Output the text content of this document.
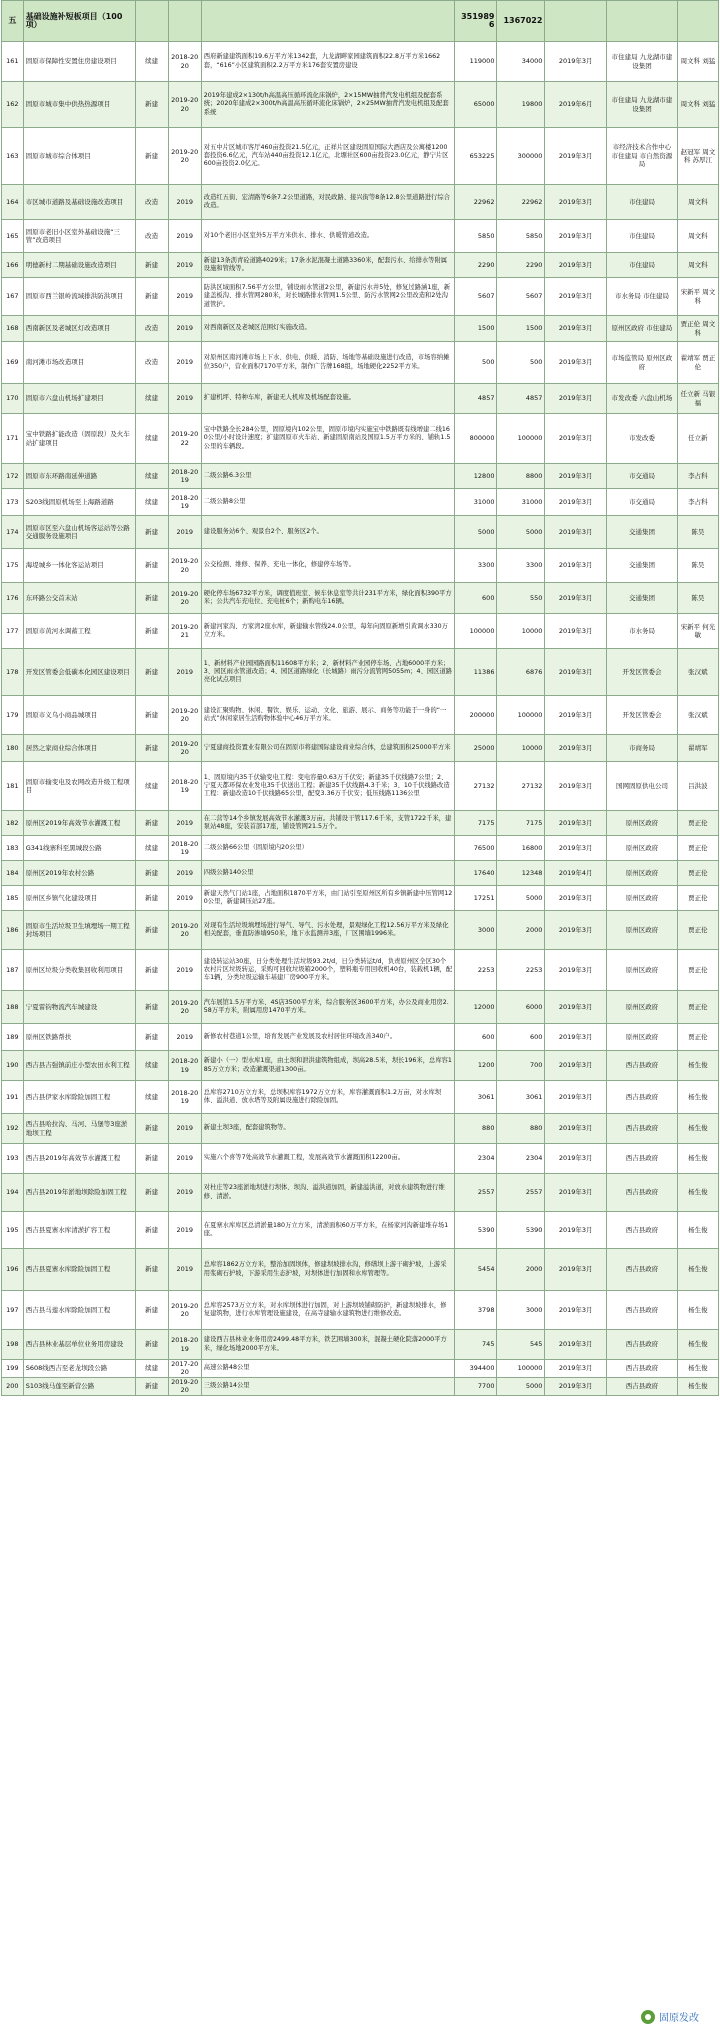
五	基础设施补短板项目（100项）				3519896	1367022			
161	固原市保障性安置住房建设项目	续建	2018-2020	西府新建建筑面积19.6万平方米1342套，九龙湖畔家园建筑面积22.8万平方米1662套，“616”小区建筑面积2.2万平方米176套安置房建设	119000	34000	2019年3月	市住建局 九龙湖市建设集团	周文科 刘猛
162	固原市城市集中供热热源项目	新建	2019-2020	2019年建成2×130t/h高温高压循环流化床锅炉，2×15MW抽背汽发电机组及配套系统；2020年建成2×300t/h高温高压循环流化床锅炉，2×25MW抽背汽发电机组及配套系统	65000	19800	2019年6月	市住建局 九龙湖市建设集团	周文科 刘猛
163	固原市城市综合体项目	新建	2019-2020	对五中片区城市客厅460亩投资21.5亿元，正祥片区建设固原国际大酒店及公寓楼1200套投资6.6亿元，汽车站440亩投资12.1亿元，北塬社区600亩投资23.0亿元，静宁片区600亩投资2.0亿元。	653225	300000	2019年3月	市经济技术合作中心 市住建局 市自然资源局	赵冠军 周文科 苏厚江
164	市区城市道路及基础设施改造项目	改造	2019	改造红五街、宏清路等6条7.2公里道路，对民政路、接兴街等8条12.8公里道路进行综合改造。	22962	22962	2019年3月	市住建局	周文科
165	固原市老旧小区室外基础设施“三管”改造项目	改造	2019	对10个老旧小区室外5万平方米供水、排水、供暖管道改造。	5850	5850	2019年3月	市住建局	周文科
166	明德新村二期基础设施改造项目	新建	2019	新建13条沥青砼道路4029米；17条水泥混凝土道路3360米，配套污水、给排水等附属设施和管线等。	2290	2290	2019年3月	市住建局	周文科
167	固原市西兰银岭流域排洪防洪项目	新建	2019	防洪区域面积7.56平方公里，铺设雨水管道2公里，新建污水井5处，修复过路涵1座，新建盖板沟、排水管网280米，对长城路排水管网1.5公里、防污水管网2公里改造和2处沟道管护。	5607	5607	2019年3月	市水务局 市住建局	宋新平 周文科
168	西南新区及老城区灯改造项目	改造	2019	对西南新区及老城区范围灯实施改造。	1500	1500	2019年3月	原州区政府 市住建局	贾正伦 周文科
169	南河滩市场改造项目	改造	2019	对原州区南河滩市场上下水、供电、供暖、消防、场地等基础设施进行改造，市场容纳摊位350户，营业面积7170平方米，制作广告牌168组，场地硬化2252平方米。	500	500	2019年3月	市场监管局 原州区政府	翟靖军 贾正伦
170	固原市六盘山机场扩建项目	续建	2019	扩建机坪、特种车库，新建无人机库及机场配套设施。	4857	4857	2019年3月	市发改委 六盘山机场	任立新 马银福
171	宝中铁路扩能改造（固原段）及火车站扩建项目	续建	2019-2022	宝中铁路全长284公里，固原境内102公里，固原市境内实施宝中铁路既有线增建二线160公里/小时设计速度；扩建固原市火车站、新建固原南站及国原1.5万平方米的、铺轨1.5公里的车辆段。	800000	100000	2019年3月	市发改委	任立新
172	固原市东环路南延伸道路	续建	2018-2019	二级公路6.3公里	12800	8800	2019年3月	市交通局	李占科
173	S203线固原机场至上海路道路	续建	2018-2019	二级公路8公里	31000	31000	2019年3月	市交通局	李占科
174	固原市区至六盘山机场客运站等公路交通服务设施项目	新建	2019	建设服务站6个、观景台2个、服务区2个。	5000	5000	2019年3月	交通集团	陈昊
175	海堤城乡一体化客运站项目	新建	2019-2020	公交检测、维修、保养、充电一体化，修建停车场等。	3300	3300	2019年3月	交通集团	陈昊
176	东环路公交首末站	新建	2019-2020	硬化停车场6732平方米，调度值班室、候车休息室等共计231平方米，绿化面积390平方米；公共汽车充电位、充电桩6个；新购电车16辆。	600	550	2019年3月	交通集团	陈昊
177	固原市黄河水调蓄工程	新建	2019-2021	新建河家沟、方家湾2座水库，新建输水管线24.0公里，每年向固原新增引黄调水330万立方米。	100000	10000	2019年3月	市水务局	宋新平 何光敏
178	开发区管委会低碳本化园区建设项目	新建	2019	1、新材料产业园园路面积11608平方米；2、新材料产业园停车场、占地6000平方米；3、园区雨水管道改造；4、园区道路绿化（长城路）雨污分流管网5055m；4、园区道路亮化试点项目	11386	6876	2019年3月	开发区管委会	张汉斌
179	固原市义乌小商品城项目	新建	2019-2020	建设汇聚购物、休闲、餐饮、娱乐、运动、文化、旅游、展示、商务等功能于一身的“一站式”休闲家居生活购物体验中心46万平方米。	200000	100000	2019年3月	开发区管委会	张汉斌
180	居然之家商业综合体项目	新建	2019-2020	宁夏建商投资置业有限公司在固原市将建国际建设商业综合体，总建筑面积25000平方米	25000	10000	2019年3月	市商务局	翟靖军
181	固原市输变电及农网改造升级工程项目	续建	2018-2019	1、固原境内35千伏输变电工程：变电容量0.63万千伏安；新建35千伏线路7公里；2、宁夏天都环保农业发电35千伏送出工程；新建35千伏线路4.3千米；3、10千伏线路改造工程：新建改造10千伏线路65公里，配变3.36万千伏安；低压线路1136公里	27132	27132	2019年3月	国网固原供电公司	吕洪波
182	原州区2019年高效节水灌溉工程	新建	2019	在二营等14个乡镇发展高效节水灌溉3万亩。共铺设干管117.6千米，支管1722千米，建泵站48座，安装首部17座，铺设管网21.5万个。	7175	7175	2019年3月	原州区政府	贾正伦
183	G341线寨科至黑城段公路	续建	2018-2019	二级公路66公里（固原境内20公里）	76500	16800	2019年3月	原州区政府	贾正伦
184	原州区2019年农村公路	新建	2019	四级公路140公里	17640	12348	2019年4月	原州区政府	贾正伦
185	原州区乡镇气化建设项目	新建	2019	新建天然气门站1座，占地面积1870平方米，由门站引至原州区所有乡镇新建中压管网120公里，新建调压站27座。	17251	5000	2019年3月	原州区政府	贾正伦
186	固原市生活垃圾卫生填埋场一期工程封场项目	新建	2019-2020	对现有生活垃圾填埋场进行导气、导气、污水处理，景观绿化工程12.56万平方米及绿化相关配套，垂直防渗墙950米，地下水监测井3座，厂区围墙1996米。	3000	2000	2019年3月	原州区政府	贾正伦
187	原州区垃圾分类收集回收利用项目	新建	2019	建设转运站30座，日分类处理生活垃圾93.2t/d，日分类转运t/d，负责原州区全区30个农村片区垃圾转运，采购可回收垃圾箱2000个，塑料瓶专用回收机40台，装载机1辆，配车1辆，分类垃圾运输车基建厂房900平方米。	2253	2253	2019年3月	原州区政府	贾正伦
188	宁夏雷钧物流汽车城建设	新建	2019-2020	汽车展馆1.5万平方米、4S店3500平方米，综合服务区3600平方米，办公及商业用房2.58万平方米，附属用房1470平方米。	12000	6000	2019年3月	原州区政府	贾正伦
189	原州区铁路帮扶	新建	2019	新修农村巷道1公里，培育发展产业发展及农村居住环境改善340户。	600	600	2019年3月	原州区政府	贾正伦
190	西吉县吉强镇前庄小型农田水利工程	续建	2018-2019	新建小（一）型水库1座，由土坝和泄洪建筑物组成，坝高28.5米，坝长196米，总库容185万立方米；改造灌溉渠道1300亩。	1200	700	2019年3月	西吉县政府	杨生俊
191	西吉县伊家水库除险加固工程	续建	2018-2019	总库容2710万立方米，总坝积库容1972万立方米，库容灌溉面积1.2万亩，对水库坝体、溢洪道、放水塔等及附属设施进行除险加固。	3061	3061	2019年3月	西吉县政府	杨生俊
192	西吉县哈拉沟、马河、马堡等3座淤地坝工程	新建	2019	新建土坝3座，配套建筑物等。	880	880	2019年3月	西吉县政府	杨生俊
193	西吉县2019年高效节水灌溉工程	新建	2019	实施六个喜等7处高效节水灌溉工程，发展高效节水灌溉面积12200亩。	2304	2304	2019年3月	西吉县政府	杨生俊
194	西吉县2019年淤地坝除险加固工程	新建	2019	对杜庄等23座淤地坝进行坝体、坝沟、溢洪道加固，新建溢洪道，对放水建筑物进行维修、清淤。	2557	2557	2019年3月	西吉县政府	杨生俊
195	西吉县夏寨水库清淤扩容工程	新建	2019	在夏寨水库库区总清淤量180万立方米，清淤面积60万平方米，在杨家河沟新建堆存场1座。	5390	5390	2019年3月	西吉县政府	杨生俊
196	西吉县夏寨水库除险加固工程	新建	2019	总库容1862万立方米，整治加固坝体，修建坝坡排水沟，修缮坝上游干砌护坡，上游采用浆砌石护坡，下游采用生态护坡，对坝体进行加固和水库管理等。	5454	2000	2019年3月	西吉县政府	杨生俊
197	西吉县马莲水库除险加固工程	新建	2019-2020	总库容2573万立方米，对水库坝体进行加固，对上游坝坡铺砌防护，新建坝坡排水，修复建筑物，进行水库管理设施建设，在高寺建输水建筑物进行维修改造。	3798	3000	2019年3月	西吉县政府	杨生俊
198	西吉县林业基层单位业务用房建设	新建	2018-2019	建设西吉县林业业务用房2499.48平方米，铁艺围墙300米，混凝土硬化院落2000平方米，绿化场地2000平方米。	745	545	2019年3月	西吉县政府	杨生俊
199	S608线西吉至老龙坝段公路	续建	2017-2020	高速公路48公里	394400	100000	2019年3月	西吉县政府	杨生俊
200	S103线马莲至新营公路	新建	2019-2020	三级公路14公里	7700	5000	2019年3月	西吉县政府	杨生俊
固原发改
